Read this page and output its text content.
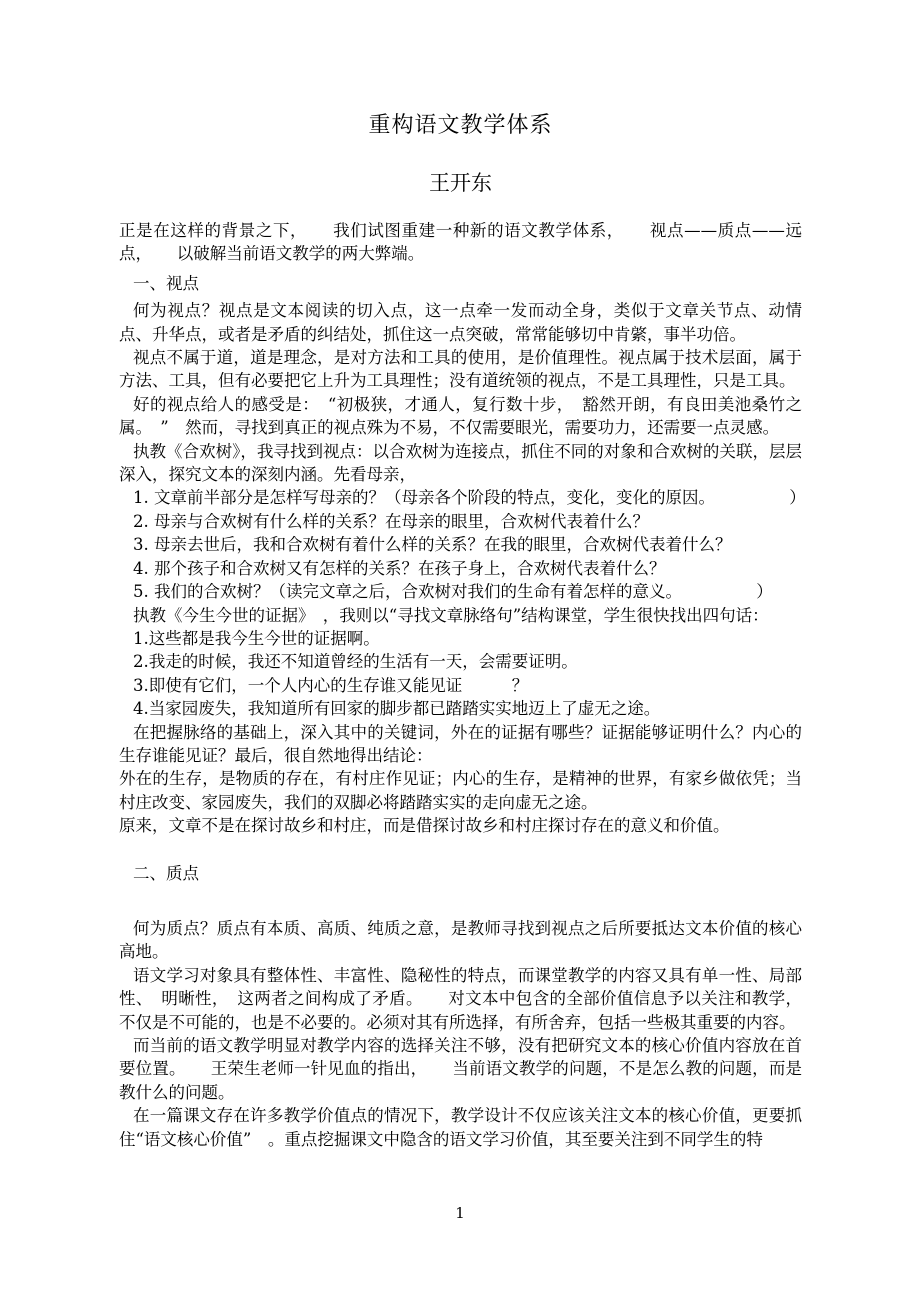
重构语文教学体系
王开东

正是在这样的背景之下，　　我们试图重建一种新的语文教学体系，　　视点——质点——远点，　　以破解当前语文教学的两大弊端。

一、视点

何为视点？视点是文本阅读的切入点，这一点牵一发而动全身，类似于文章关节点、动情点、升华点，或者是矛盾的纠结处，抓住这一点突破，常常能够切中肯綮，事半功倍。

视点不属于道，道是理念，是对方法和工具的使用，是价值理性。视点属于技术层面，属于方法、工具，但有必要把它上升为工具理性；没有道统领的视点，不是工具理性，只是工具。

好的视点给人的感受是：　“初极狭，才通人，复行数十步，　豁然开朗，有良田美池桑竹之属。　”　然而，寻找到真正的视点殊为不易，不仅需要眼光，需要功力，还需要一点灵感。

执教《合欢树》，我寻找到视点：以合欢树为连接点，抓住不同的对象和合欢树的关联，层层深入，探究文本的深刻内涵。先看母亲，

1. 文章前半部分是怎样写母亲的？（母亲各个阶段的特点，变化，变化的原因。　　　　　）

2. 母亲与合欢树有什么样的关系？在母亲的眼里，合欢树代表着什么？

3. 母亲去世后，我和合欢树有着什么样的关系？在我的眼里，合欢树代表着什么？

4. 那个孩子和合欢树又有怎样的关系？在孩子身上，合欢树代表着什么？

5. 我们的合欢树？（读完文章之后，合欢树对我们的生命有着怎样的意义。　　　　　）

执教《今生今世的证据》　，我则以“寻找文章脉络句”结构课堂，学生很快找出四句话：

1.这些都是我今生今世的证据啊。

2.我走的时候，我还不知道曾经的生活有一天，会需要证明。

3.即使有它们，一个人内心的生存谁又能见证　　　？

4.当家园废失，我知道所有回家的脚步都已踏踏实实地迈上了虚无之途。

在把握脉络的基础上，深入其中的关键词，外在的证据有哪些？证据能够证明什么？内心的生存谁能见证？最后，很自然地得出结论：

外在的生存，是物质的存在，有村庄作见证；内心的生存，是精神的世界，有家乡做依凭；当村庄改变、家园废失，我们的双脚必将踏踏实实的走向虚无之途。

原来，文章不是在探讨故乡和村庄，而是借探讨故乡和村庄探讨存在的意义和价值。

二、质点

何为质点？质点有本质、高质、纯质之意，是教师寻找到视点之后所要抵达文本价值的核心高地。

语文学习对象具有整体性、丰富性、隐秘性的特点，而课堂教学的内容又具有单一性、局部性、　明晰性，　这两者之间构成了矛盾。　　对文本中包含的全部价值信息予以关注和教学，不仅是不可能的，也是不必要的。必须对其有所选择，有所舍弃，包括一些极其重要的内容。

而当前的语文教学明显对教学内容的选择关注不够，没有把研究文本的核心价值内容放在首要位置。　　王荣生老师一针见血的指出，　　当前语文教学的问题，不是怎么教的问题，而是教什么的问题。

在一篇课文存在许多教学价值点的情况下，教学设计不仅应该关注文本的核心价值，更要抓住“语文核心价值”　。重点挖掘课文中隐含的语文学习价值，其至要关注到不同学生的特

1
